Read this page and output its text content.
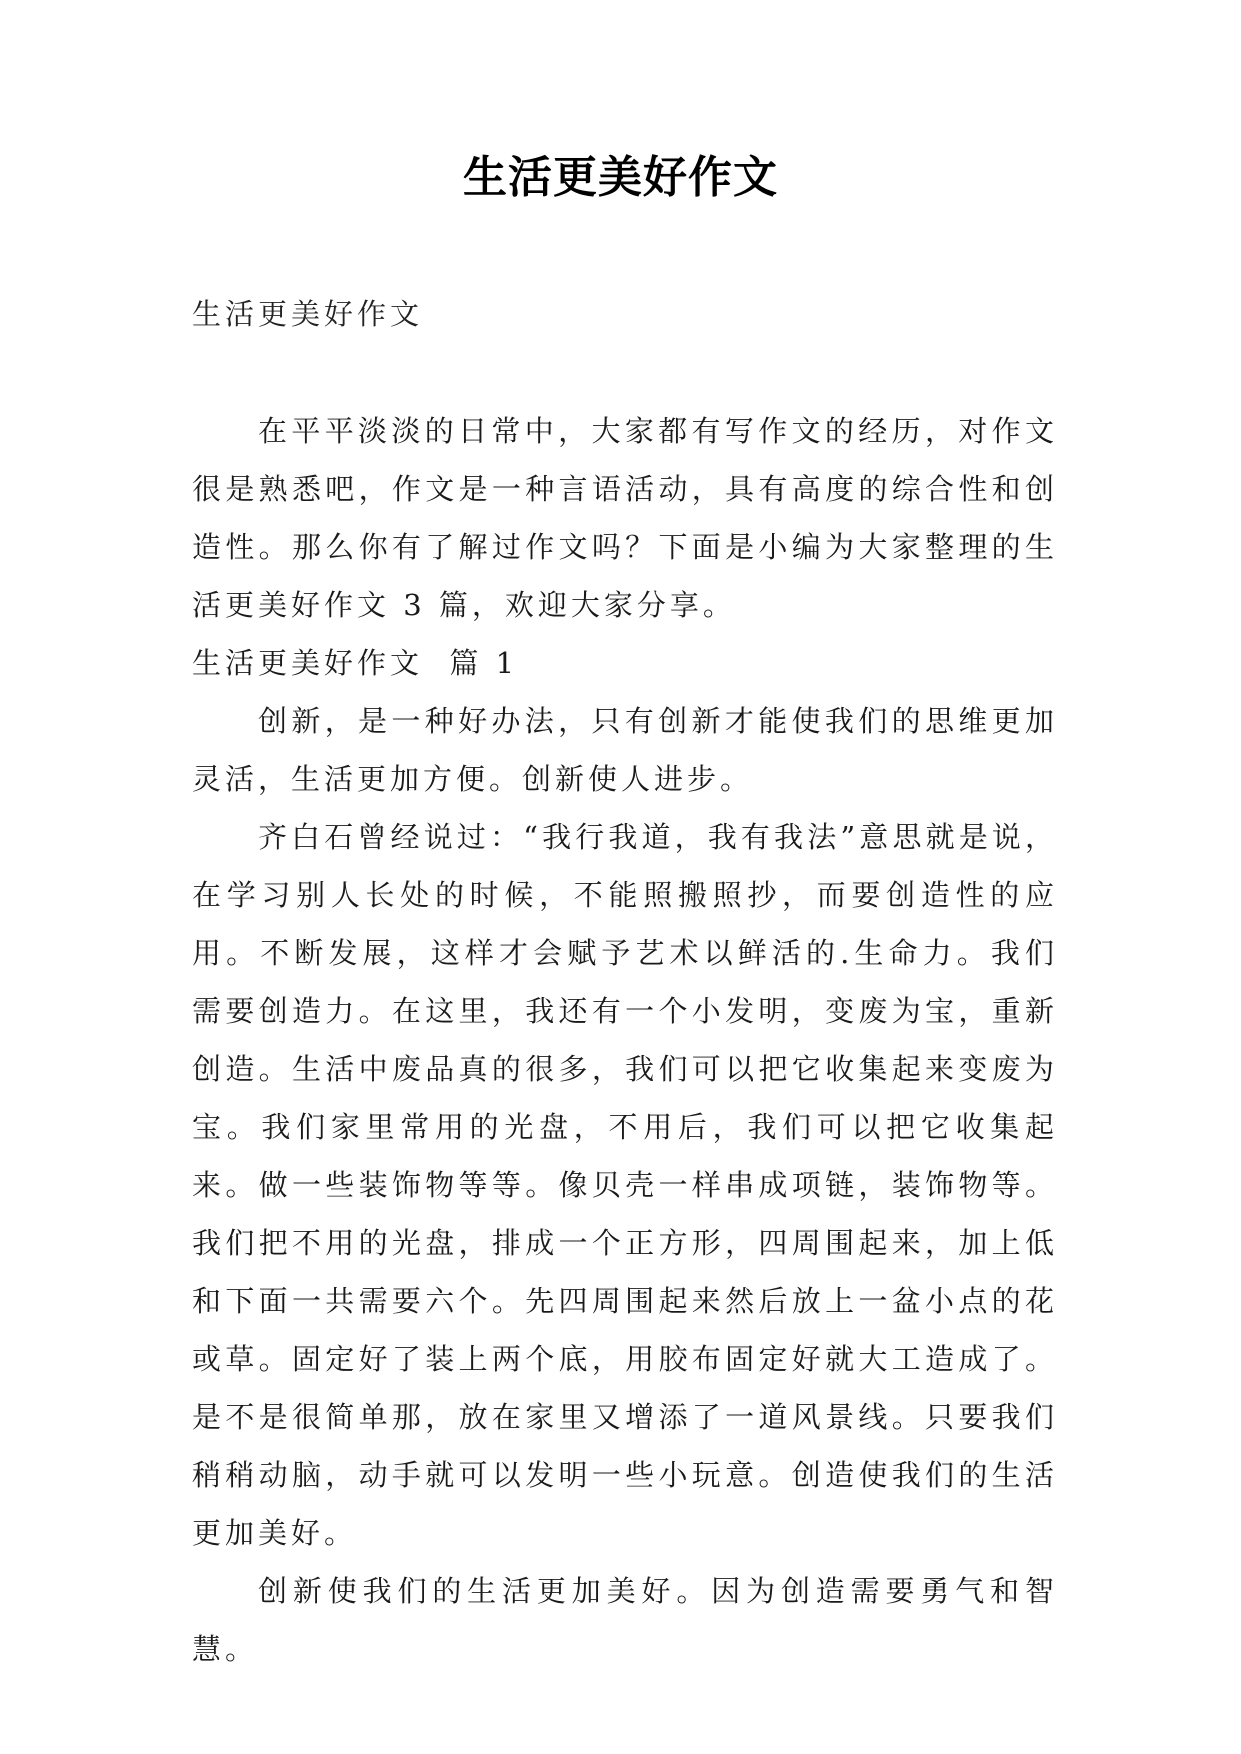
生活更美好作文
生活更美好作文

在平平淡淡的日常中，大家都有写作文的经历，对作文很是熟悉吧，作文是一种言语活动，具有高度的综合性和创造性。那么你有了解过作文吗？下面是小编为大家整理的生活更美好作文 3 篇，欢迎大家分享。

生活更美好作文  篇 1

创新，是一种好办法，只有创新才能使我们的思维更加灵活，生活更加方便。创新使人进步。

齐白石曾经说过：“我行我道，我有我法”意思就是说，在学习别人长处的时候，不能照搬照抄，而要创造性的应用。不断发展，这样才会赋予艺术以鲜活的.生命力。我们需要创造力。在这里，我还有一个小发明，变废为宝，重新创造。生活中废品真的很多，我们可以把它收集起来变废为宝。我们家里常用的光盘，不用后，我们可以把它收集起来。做一些装饰物等等。像贝壳一样串成项链，装饰物等。我们把不用的光盘，排成一个正方形，四周围起来，加上低和下面一共需要六个。先四周围起来然后放上一盆小点的花或草。固定好了装上两个底，用胶布固定好就大工造成了。是不是很简单那，放在家里又增添了一道风景线。只要我们稍稍动脑，动手就可以发明一些小玩意。创造使我们的生活更加美好。

创新使我们的生活更加美好。因为创造需要勇气和智慧。
